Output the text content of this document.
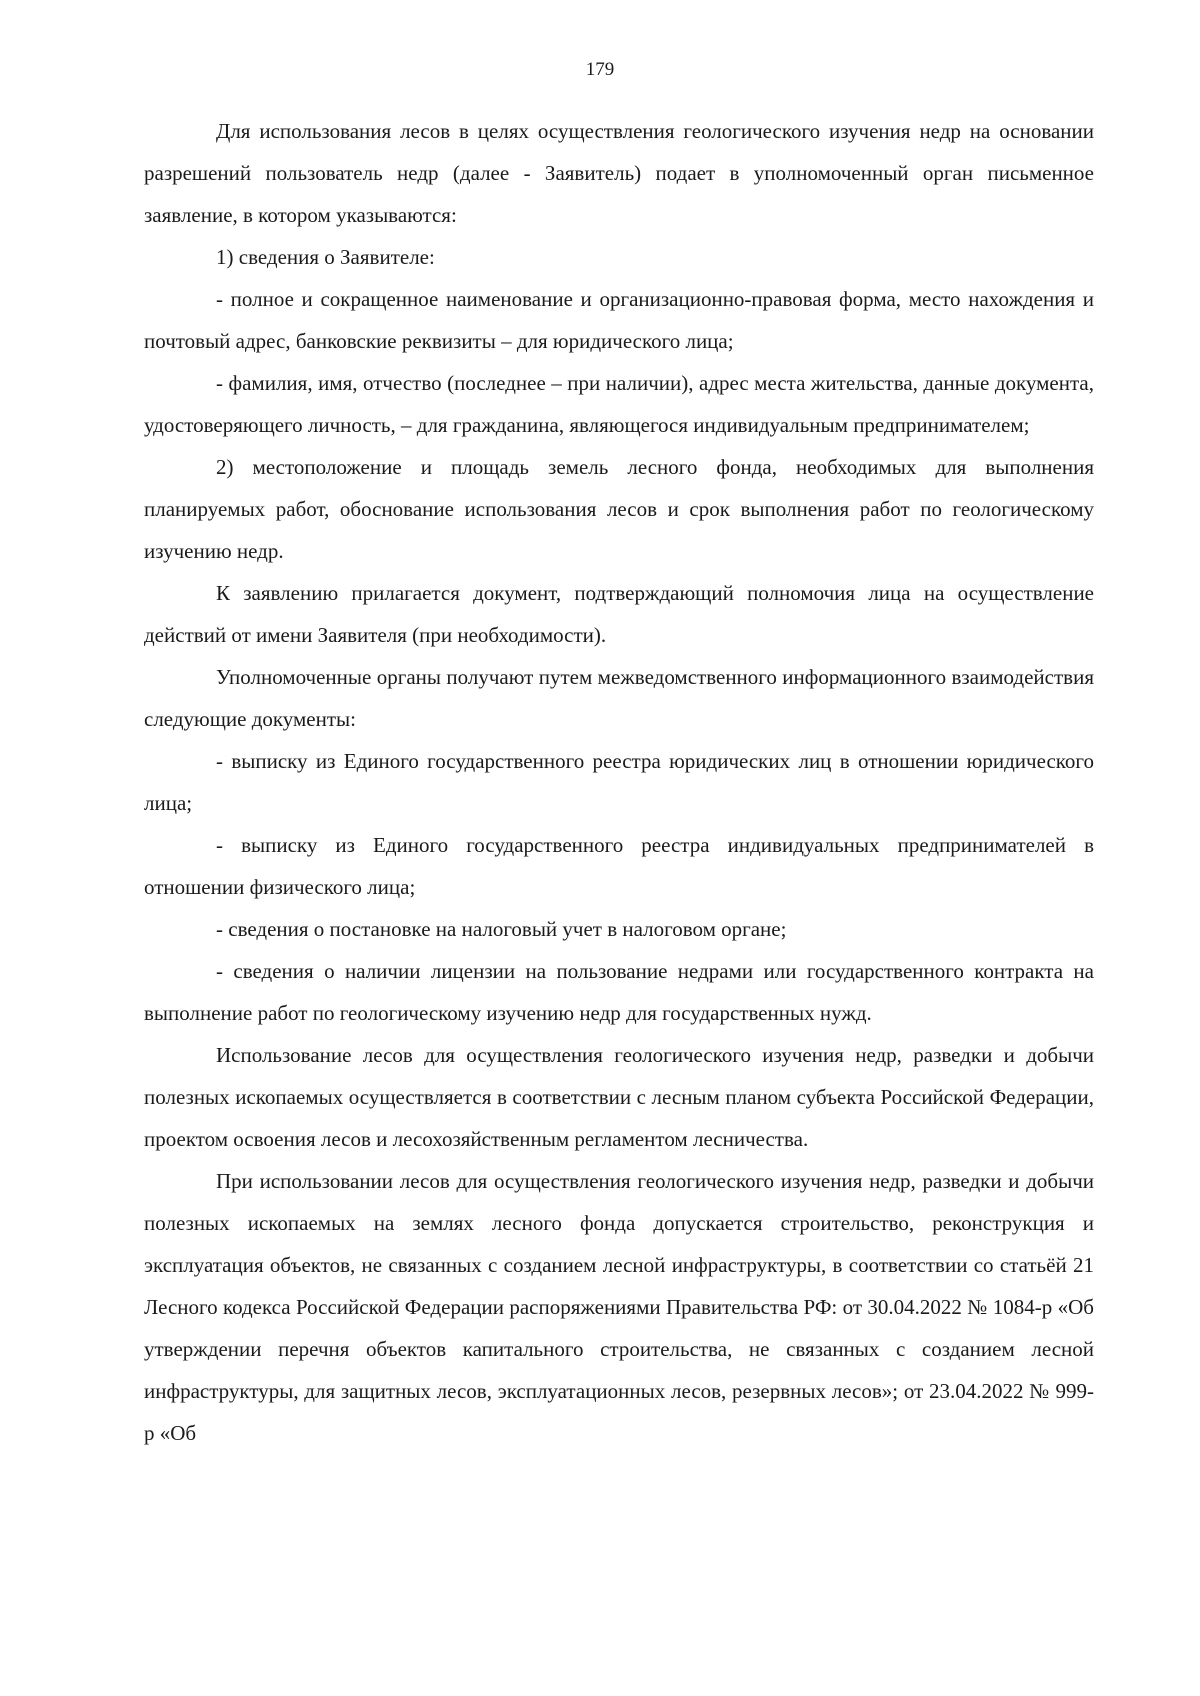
179

Для использования лесов в целях осуществления геологического изучения недр на основании разрешений пользователь недр (далее - Заявитель) подает в уполномоченный орган письменное заявление, в котором указываются:

1) сведения о Заявителе:

- полное и сокращенное наименование и организационно-правовая форма, место нахождения и почтовый адрес, банковские реквизиты – для юридического лица;

- фамилия, имя, отчество (последнее – при наличии), адрес места жительства, данные документа, удостоверяющего личность, – для гражданина, являющегося индивидуальным предпринимателем;

2) местоположение и площадь земель лесного фонда, необходимых для выполнения планируемых работ, обоснование использования лесов и срок выполнения работ по геологическому изучению недр.

К заявлению прилагается документ, подтверждающий полномочия лица на осуществление действий от имени Заявителя (при необходимости).

Уполномоченные органы получают путем межведомственного информационного взаимодействия следующие документы:

- выписку из Единого государственного реестра юридических лиц в отношении юридического лица;

- выписку из Единого государственного реестра индивидуальных предпринимателей в отношении физического лица;

- сведения о постановке на налоговый учет в налоговом органе;

- сведения о наличии лицензии на пользование недрами или государственного контракта на выполнение работ по геологическому изучению недр для государственных нужд.

Использование лесов для осуществления геологического изучения недр, разведки и добычи полезных ископаемых осуществляется в соответствии с лесным планом субъекта Российской Федерации, проектом освоения лесов и лесохозяйственным регламентом лесничества.

При использовании лесов для осуществления геологического изучения недр, разведки и добычи полезных ископаемых на землях лесного фонда допускается строительство, реконструкция и эксплуатация объектов, не связанных с созданием лесной инфраструктуры, в соответствии со статьёй 21 Лесного кодекса Российской Федерации распоряжениями Правительства РФ: от 30.04.2022 № 1084-р «Об утверждении перечня объектов капитального строительства, не связанных с созданием лесной инфраструктуры, для защитных лесов, эксплуатационных лесов, резервных лесов»; от 23.04.2022 № 999-р «Об
